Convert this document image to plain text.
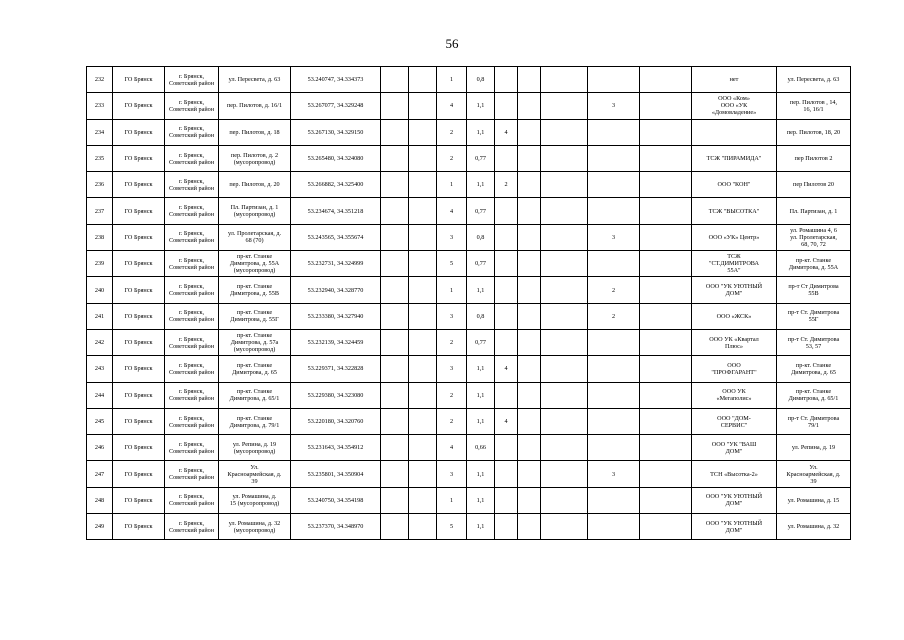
56
232	ГО Брянск	г. Брянск,
Советский район	ул. Пересвета, д. 63	53.240747, 34.334373			1	0,8						нет	ул. Пересвета, д. 63
233	ГО Брянск	г. Брянск,
Советский район	пер. Пилотов, д. 16/1	53.267077, 34.329248			4	1,1				3		ООО «Ком»
ООО «УК
«Домовладение»	пер. Пилотов , 14,
16, 16/1
234	ГО Брянск	г. Брянск,
Советский район	пер. Пилотов, д. 18	53.267130, 34.329150			2	1,1	4						пер. Пилотов, 18, 20
235	ГО Брянск	г. Брянск,
Советский район	пер. Пилотов, д. 2
(мусоропровод)	53.265480, 34.324080			2	0,77						ТСЖ "ПИРАМИДА"	пер Пилотов 2
236	ГО Брянск	г. Брянск,
Советский район	пер. Пилотов, д. 20	53.266882, 34.325400			1	1,1	2					ООО "КОН"	пер Пилотов 20
237	ГО Брянск	г. Брянск,
Советский район	Пл. Партизан, д. 1
(мусоропровод)	53.234674, 34.351218			4	0,77						ТСЖ "ВЫСОТКА"	Пл. Партизан, д. 1
238	ГО Брянск	г. Брянск,
Советский район	ул. Пролетарская, д.
68 (70)	53.243565, 34.355674			3	0,8				3		ООО «УК» Центр»	ул. Ромашина 4, 6
ул. Пролетарская,
68, 70, 72
239	ГО Брянск	г. Брянск,
Советский район	пр-кт. Станке
Димитрова, д. 55А
(мусоропровод)	53.232731, 34.324999			5	0,77						ТСЖ
"СТ.ДИМИТРОВА
55А"	пр-кт. Станке
Димитрова, д. 55А
240	ГО Брянск	г. Брянск,
Советский район	пр-кт. Станке
Димитрова, д. 55В	53.232940, 34.328770			1	1,1				2		ООО "УК УЮТНЫЙ
ДОМ"	пр-т Ст Димитрова
55В
241	ГО Брянск	г. Брянск,
Советский район	пр-кт. Станке
Димитрова, д. 55Г	53.233380, 34.327940			3	0,8				2		ООО «ЖСК»	пр-т Ст. Димитрова
55Г
242	ГО Брянск	г. Брянск,
Советский район	пр-кт. Станке
Димитрова, д. 57а
(мусоропровод)	53.232139, 34.324459			2	0,77						ООО УК «Квартал
Плюс»	пр-т Ст. Димитрова
53, 57
243	ГО Брянск	г. Брянск,
Советский район	пр-кт. Станке
Димитрова, д. 65	53.229371, 34.322828			3	1,1	4					ООО
"ПРОФГАРАНТ"	пр-кт. Станке
Димитрова, д. 65
244	ГО Брянск	г. Брянск,
Советский район	пр-кт. Станке
Димитрова, д. 65/1	53.229380, 34.323080			2	1,1						ООО УК
«Мегаполис»	пр-кт. Станке
Димитрова, д. 65/1
245	ГО Брянск	г. Брянск,
Советский район	пр-кт. Станке
Димитрова, д. 79/1	53.220180, 34.320760			2	1,1	4					ООО "ДОМ-
СЕРВИС"	пр-т Ст. Димитрова
79/1
246	ГО Брянск	г. Брянск,
Советский район	ул. Репина, д. 19
(мусоропровод)	53.231643, 34.354912			4	0,66						ООО "УК "ВАШ
ДОМ"	ул. Репина, д. 19
247	ГО Брянск	г. Брянск,
Советский район	Ул.
Красноармейская, д.
39	53.235801, 34.350904			3	1,1				3		ТСН «Высотка-2»	Ул.
Красноармейская, д.
39
248	ГО Брянск	г. Брянск,
Советский район	ул. Ромашина, д.
15 (мусоропровод)	53.240750, 34.354198			1	1,1						ООО "УК УЮТНЫЙ
ДОМ"	ул. Ромашина, д. 15
249	ГО Брянск	г. Брянск,
Советский район	ул. Ромашина, д. 32
(мусоропровод)	53.237370, 34.348970			5	1,1						ООО "УК УЮТНЫЙ
ДОМ"	ул. Ромашина, д. 32
